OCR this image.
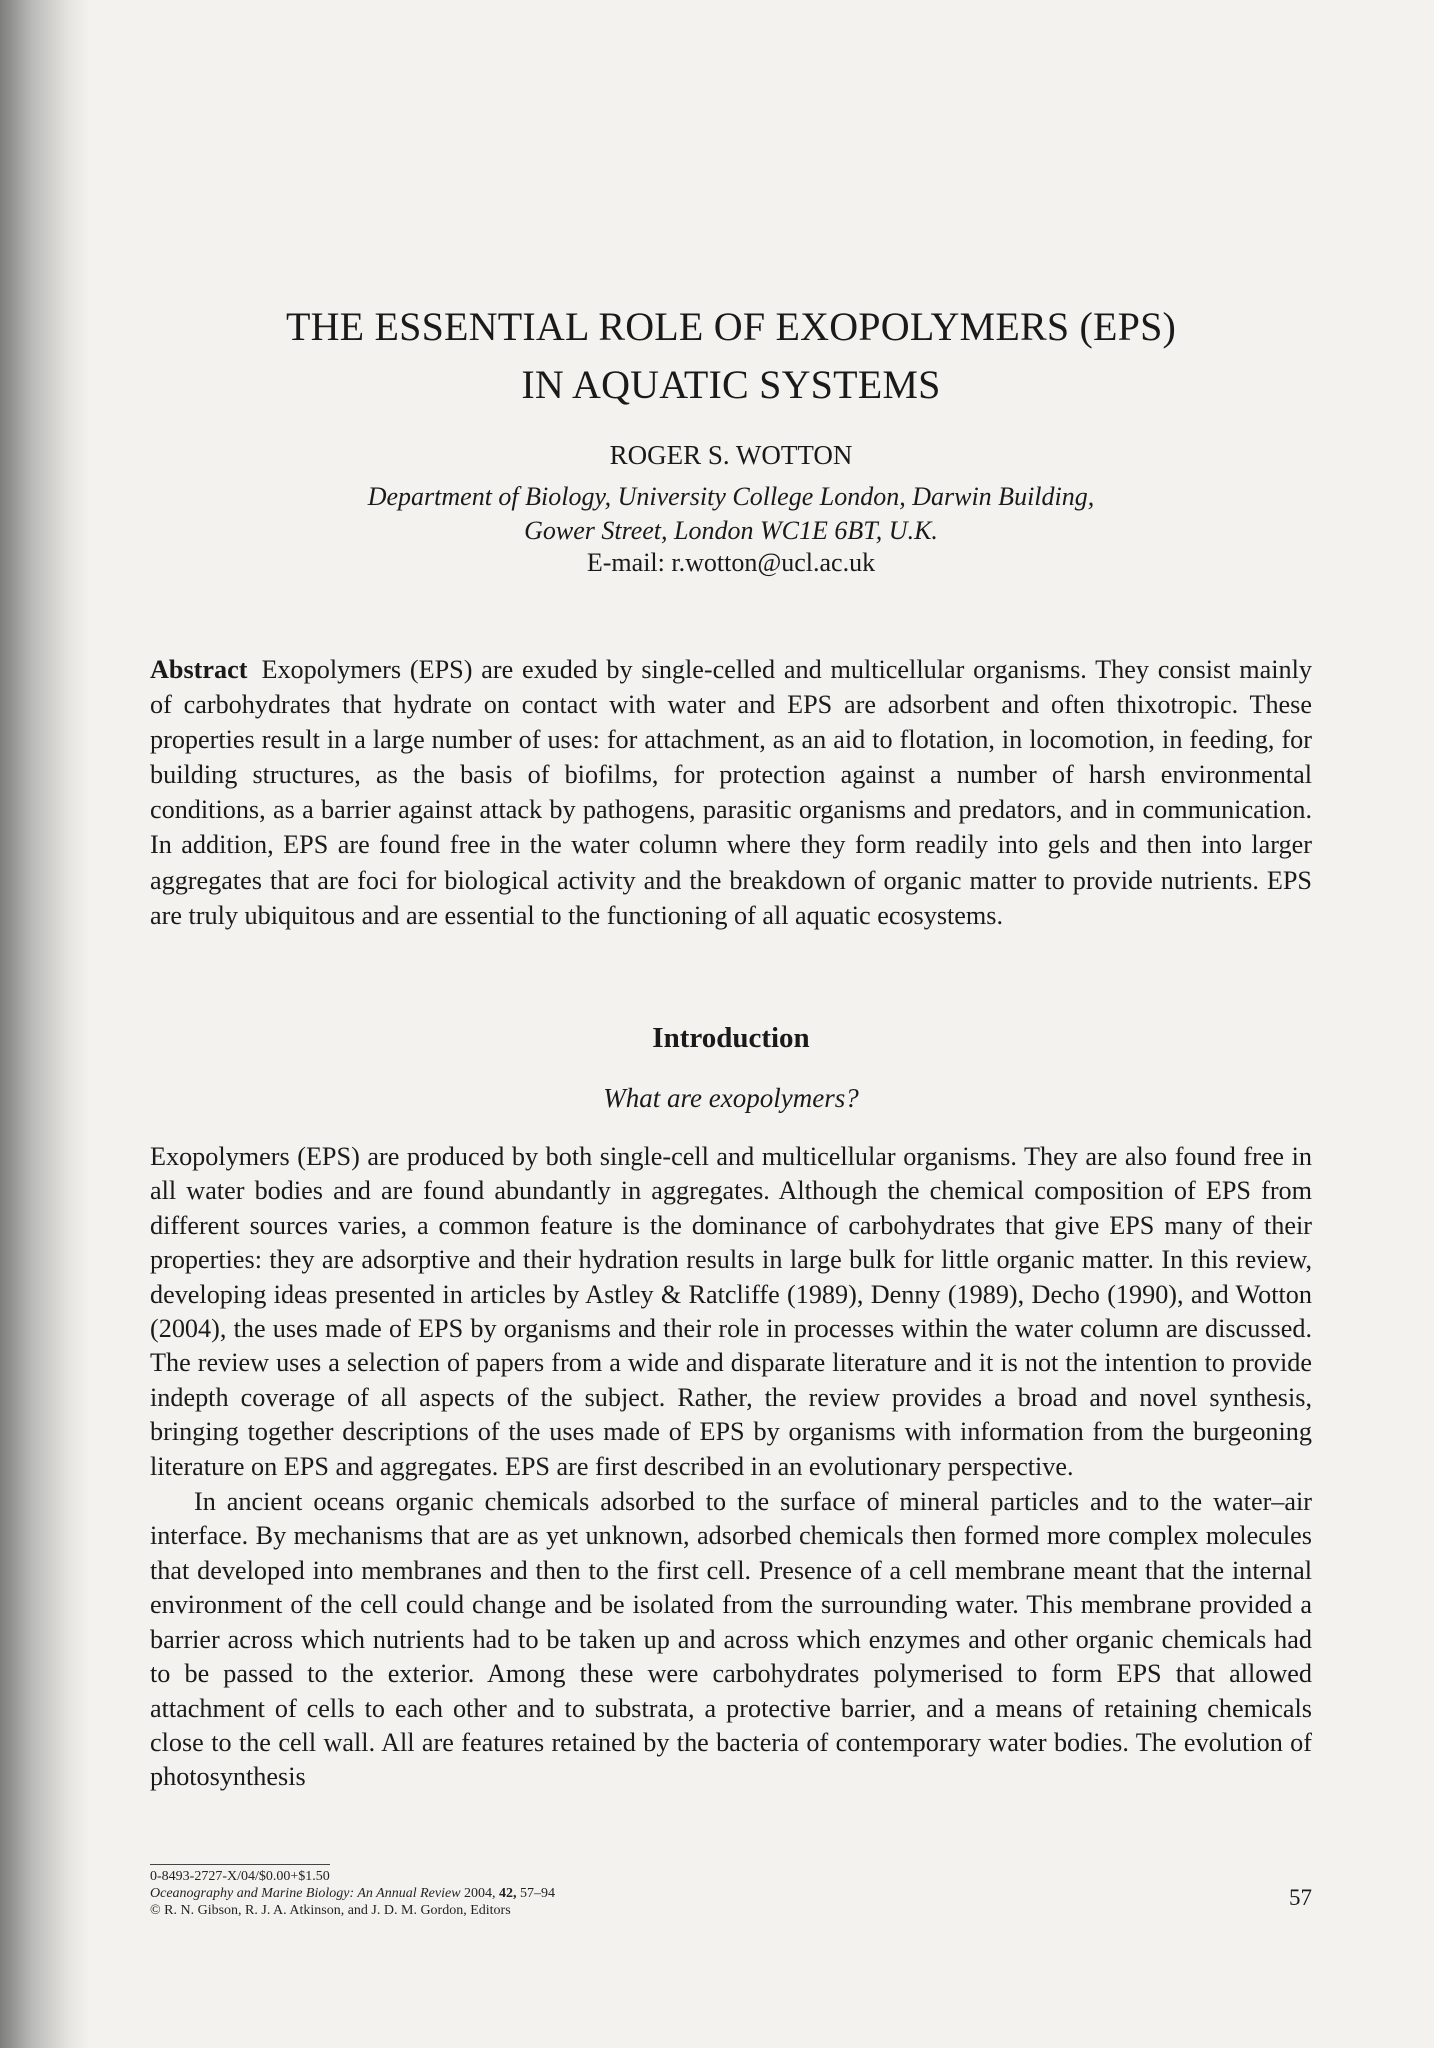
THE ESSENTIAL ROLE OF EXOPOLYMERS (EPS)
IN AQUATIC SYSTEMS
ROGER S. WOTTON
Department of Biology, University College London, Darwin Building,
Gower Street, London WC1E 6BT, U.K.
E-mail: r.wotton@ucl.ac.uk

Abstract Exopolymers (EPS) are exuded by single-celled and multicellular organisms. They consist mainly of carbohydrates that hydrate on contact with water and EPS are adsorbent and often thixotropic. These properties result in a large number of uses: for attachment, as an aid to flotation, in locomotion, in feeding, for building structures, as the basis of biofilms, for protection against a number of harsh environmental conditions, as a barrier against attack by pathogens, parasitic organisms and predators, and in communication. In addition, EPS are found free in the water column where they form readily into gels and then into larger aggregates that are foci for biological activity and the breakdown of organic matter to provide nutrients. EPS are truly ubiquitous and are essential to the functioning of all aquatic ecosystems.

Introduction
What are exopolymers?

Exopolymers (EPS) are produced by both single-cell and multicellular organisms. They are also found free in all water bodies and are found abundantly in aggregates. Although the chemical composition of EPS from different sources varies, a common feature is the dominance of carbohydrates that give EPS many of their properties: they are adsorptive and their hydration results in large bulk for little organic matter. In this review, developing ideas presented in articles by Astley & Ratcliffe (1989), Denny (1989), Decho (1990), and Wotton (2004), the uses made of EPS by organisms and their role in processes within the water column are discussed. The review uses a selection of papers from a wide and disparate literature and it is not the intention to provide indepth coverage of all aspects of the subject. Rather, the review provides a broad and novel synthesis, bringing together descriptions of the uses made of EPS by organisms with information from the burgeoning literature on EPS and aggregates. EPS are first described in an evolutionary perspective.

In ancient oceans organic chemicals adsorbed to the surface of mineral particles and to the water–air interface. By mechanisms that are as yet unknown, adsorbed chemicals then formed more complex molecules that developed into membranes and then to the first cell. Presence of a cell membrane meant that the internal environment of the cell could change and be isolated from the surrounding water. This membrane provided a barrier across which nutrients had to be taken up and across which enzymes and other organic chemicals had to be passed to the exterior. Among these were carbohydrates polymerised to form EPS that allowed attachment of cells to each other and to substrata, a protective barrier, and a means of retaining chemicals close to the cell wall. All are features retained by the bacteria of contemporary water bodies. The evolution of photosynthesis

0-8493-2727-X/04/$0.00+$1.50
Oceanography and Marine Biology: An Annual Review 2004, 42, 57–94
© R. N. Gibson, R. J. A. Atkinson, and J. D. M. Gordon, Editors
57
